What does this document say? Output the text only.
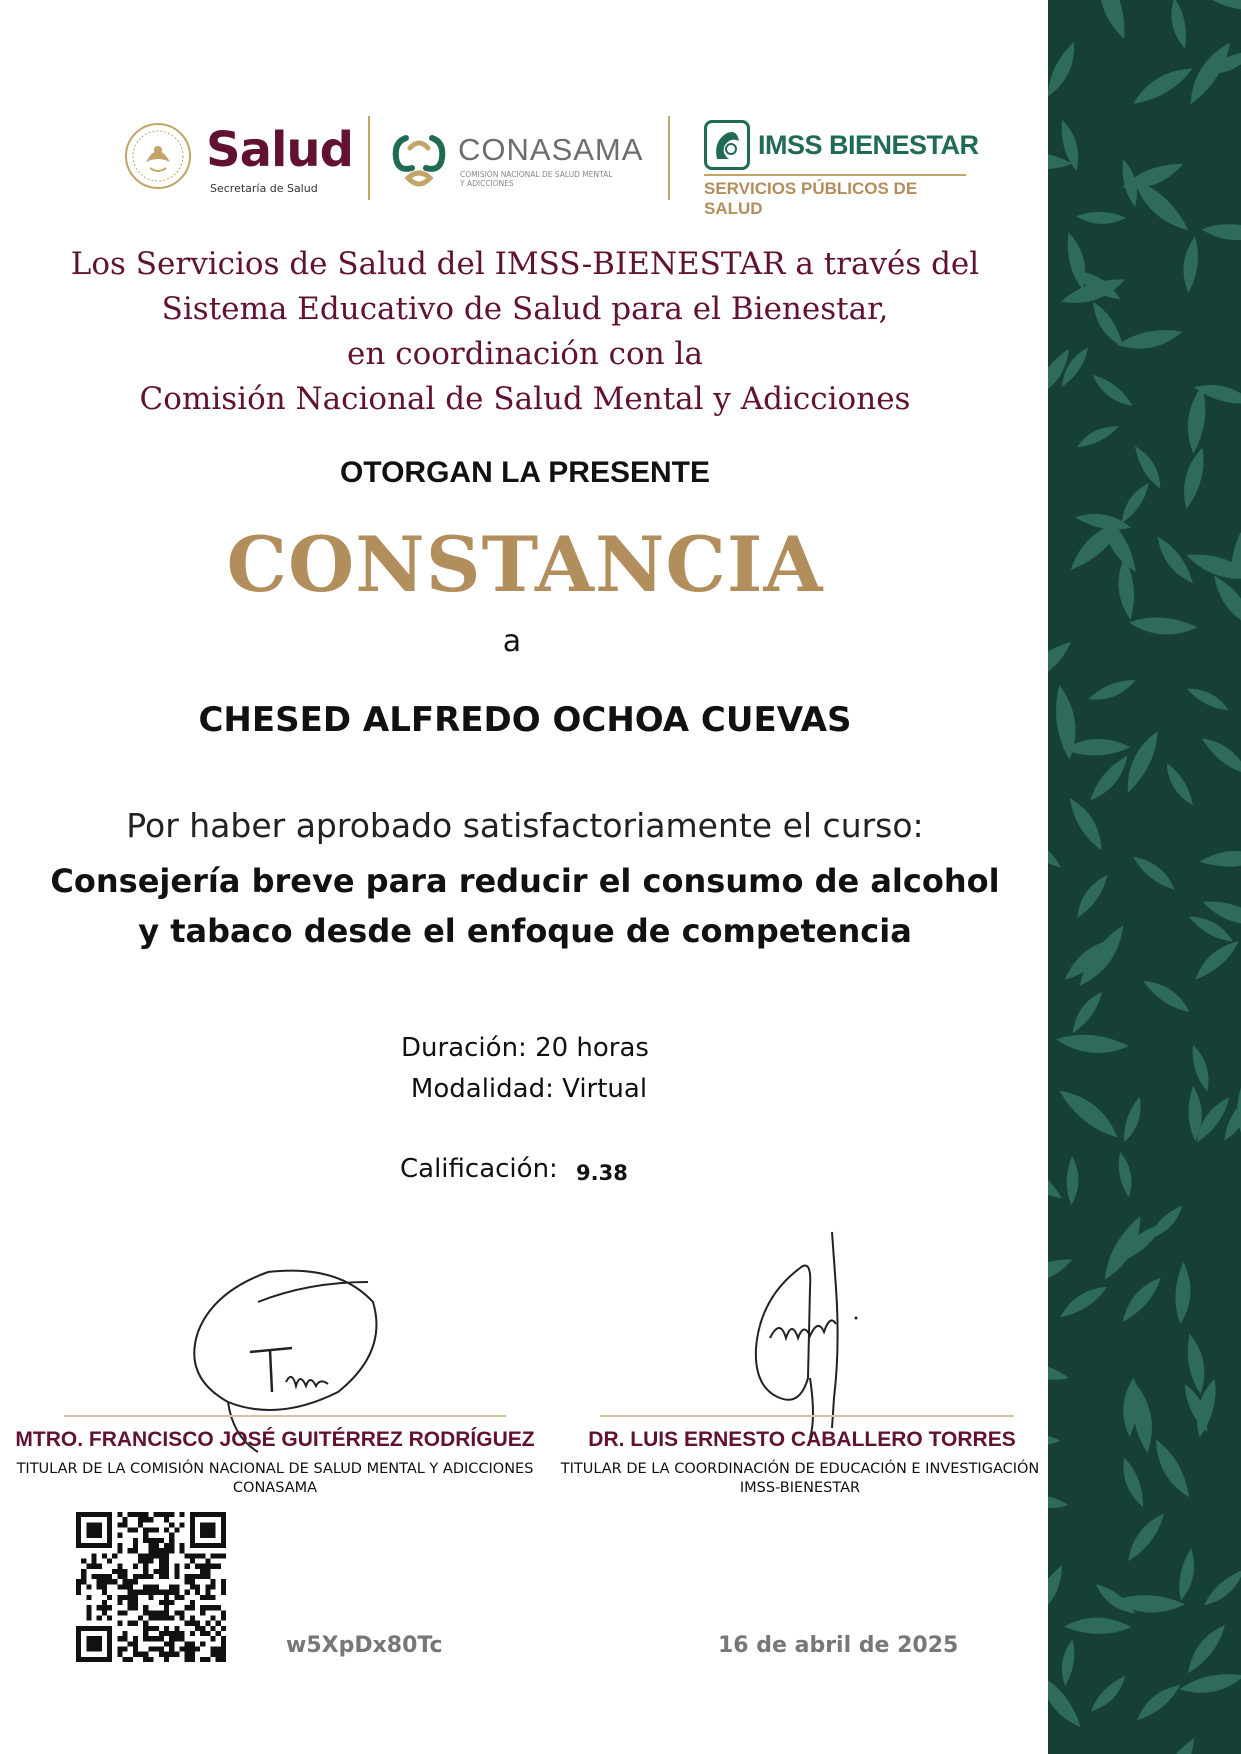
Salud
Secretaría de Salud
CONASAMA
COMISIÓN NACIONAL DE SALUD MENTAL
Y ADICCIONES
IMSS BIENESTAR
SERVICIOS PÚBLICOS DE SALUD
Los Servicios de Salud del IMSS-BIENESTAR a través del
Sistema Educativo de Salud para el Bienestar,
en coordinación con la
Comisión Nacional de Salud Mental y Adicciones
OTORGAN LA PRESENTE
CONSTANCIA
a
CHESED ALFREDO OCHOA CUEVAS
Por haber aprobado satisfactoriamente el curso:
Consejería breve para reducir el consumo de alcohol
y tabaco desde el enfoque de competencia
Duración: 20 horas
Modalidad: Virtual
Calificación: 9.38
MTRO. FRANCISCO JOSÉ GUITÉRREZ RODRÍGUEZ
TITULAR DE LA COMISIÓN NACIONAL DE SALUD MENTAL Y ADICCIONES
CONASAMA
DR. LUIS ERNESTO CABALLERO TORRES
TITULAR DE LA COORDINACIÓN DE EDUCACIÓN E INVESTIGACIÓN
IMSS-BIENESTAR
w5XpDx80Tc	16 de abril de 2025
